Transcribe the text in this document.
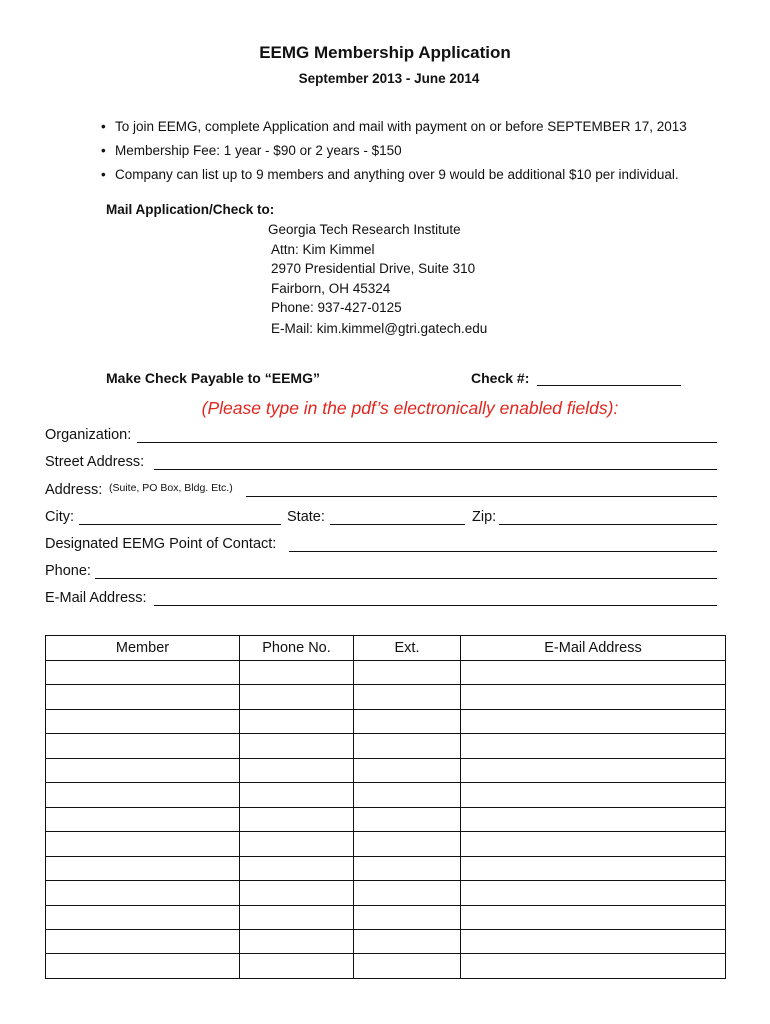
EEMG Membership Application
September 2013 - June 2014
• To join EEMG, complete Application and mail with payment on or before SEPTEMBER 17, 2013
• Membership Fee: 1 year - $90 or 2 years - $150
• Company can list up to 9 members and anything over 9 would be additional $10 per individual.
Mail Application/Check to:
Georgia Tech Research Institute
Attn: Kim Kimmel
2970 Presidential Drive, Suite 310
Fairborn, OH 45324
Phone: 937-427-0125
E-Mail: kim.kimmel@gtri.gatech.edu
Make Check Payable to “EEMG”	Check #:
(Please type in the pdf’s electronically enabled fields):
Organization:
Street Address:
Address: (Suite, PO Box, Bldg. Etc.)
City:	State:	Zip:
Designated EEMG Point of Contact:
Phone:
E-Mail Address:
Member	Phone No.	Ext.	E-Mail Address
